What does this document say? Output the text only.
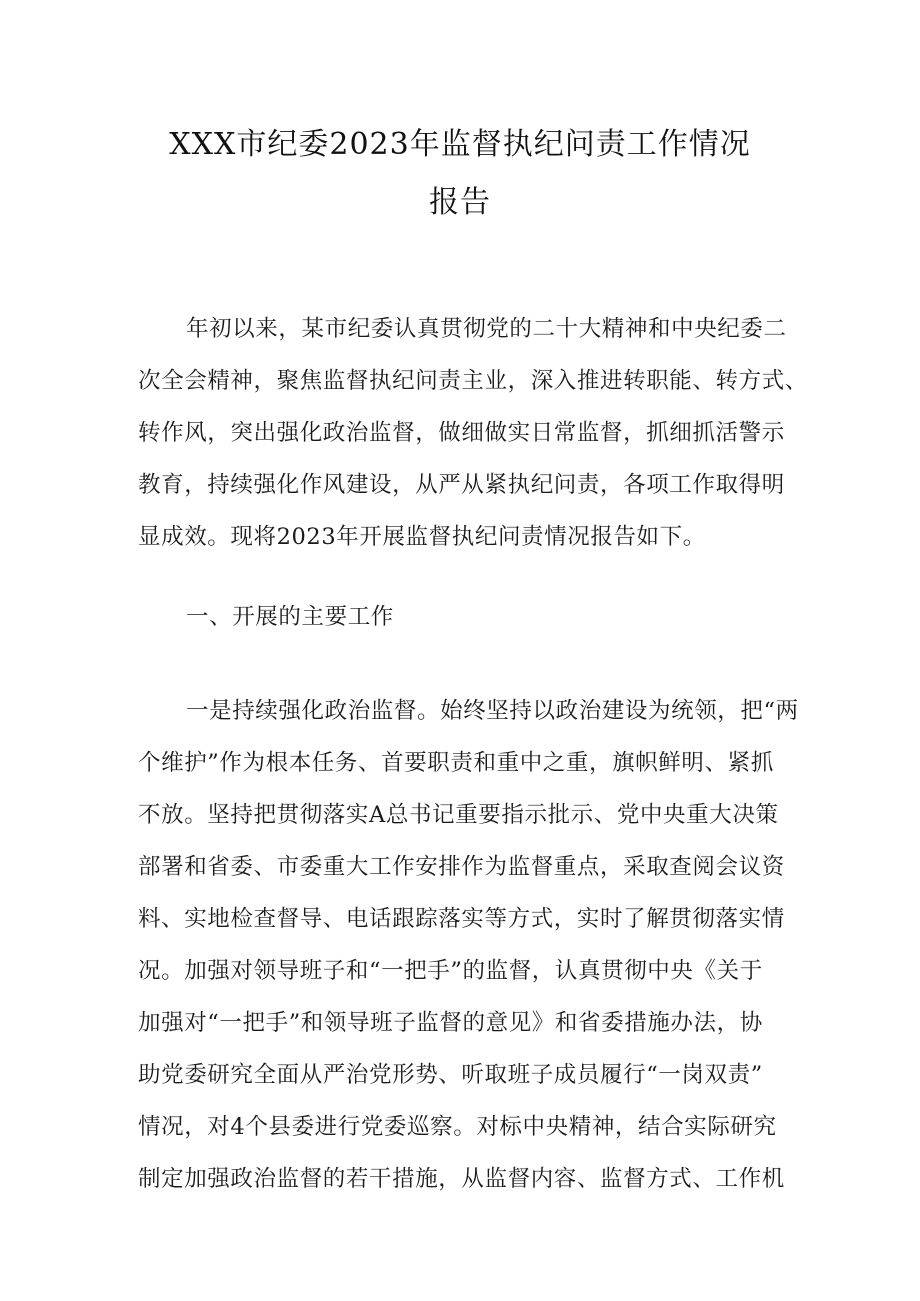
XXX市纪委2023年监督执纪问责工作情况
报告
年初以来，某市纪委认真贯彻党的二十大精神和中央纪委二
次全会精神，聚焦监督执纪问责主业，深入推进转职能、转方式、
转作风，突出强化政治监督，做细做实日常监督，抓细抓活警示
教育，持续强化作风建设，从严从紧执纪问责，各项工作取得明
显成效。现将2023年开展监督执纪问责情况报告如下。
一、开展的主要工作
一是持续强化政治监督。始终坚持以政治建设为统领，把“两
个维护”作为根本任务、首要职责和重中之重，旗帜鲜明、紧抓
不放。坚持把贯彻落实A总书记重要指示批示、党中央重大决策
部署和省委、市委重大工作安排作为监督重点，采取查阅会议资
料、实地检查督导、电话跟踪落实等方式，实时了解贯彻落实情
况。加强对领导班子和“一把手”的监督，认真贯彻中央《关于
加强对“一把手”和领导班子监督的意见》和省委措施办法，协
助党委研究全面从严治党形势、听取班子成员履行“一岗双责”
情况，对4个县委进行党委巡察。对标中央精神，结合实际研究
制定加强政治监督的若干措施，从监督内容、监督方式、工作机
